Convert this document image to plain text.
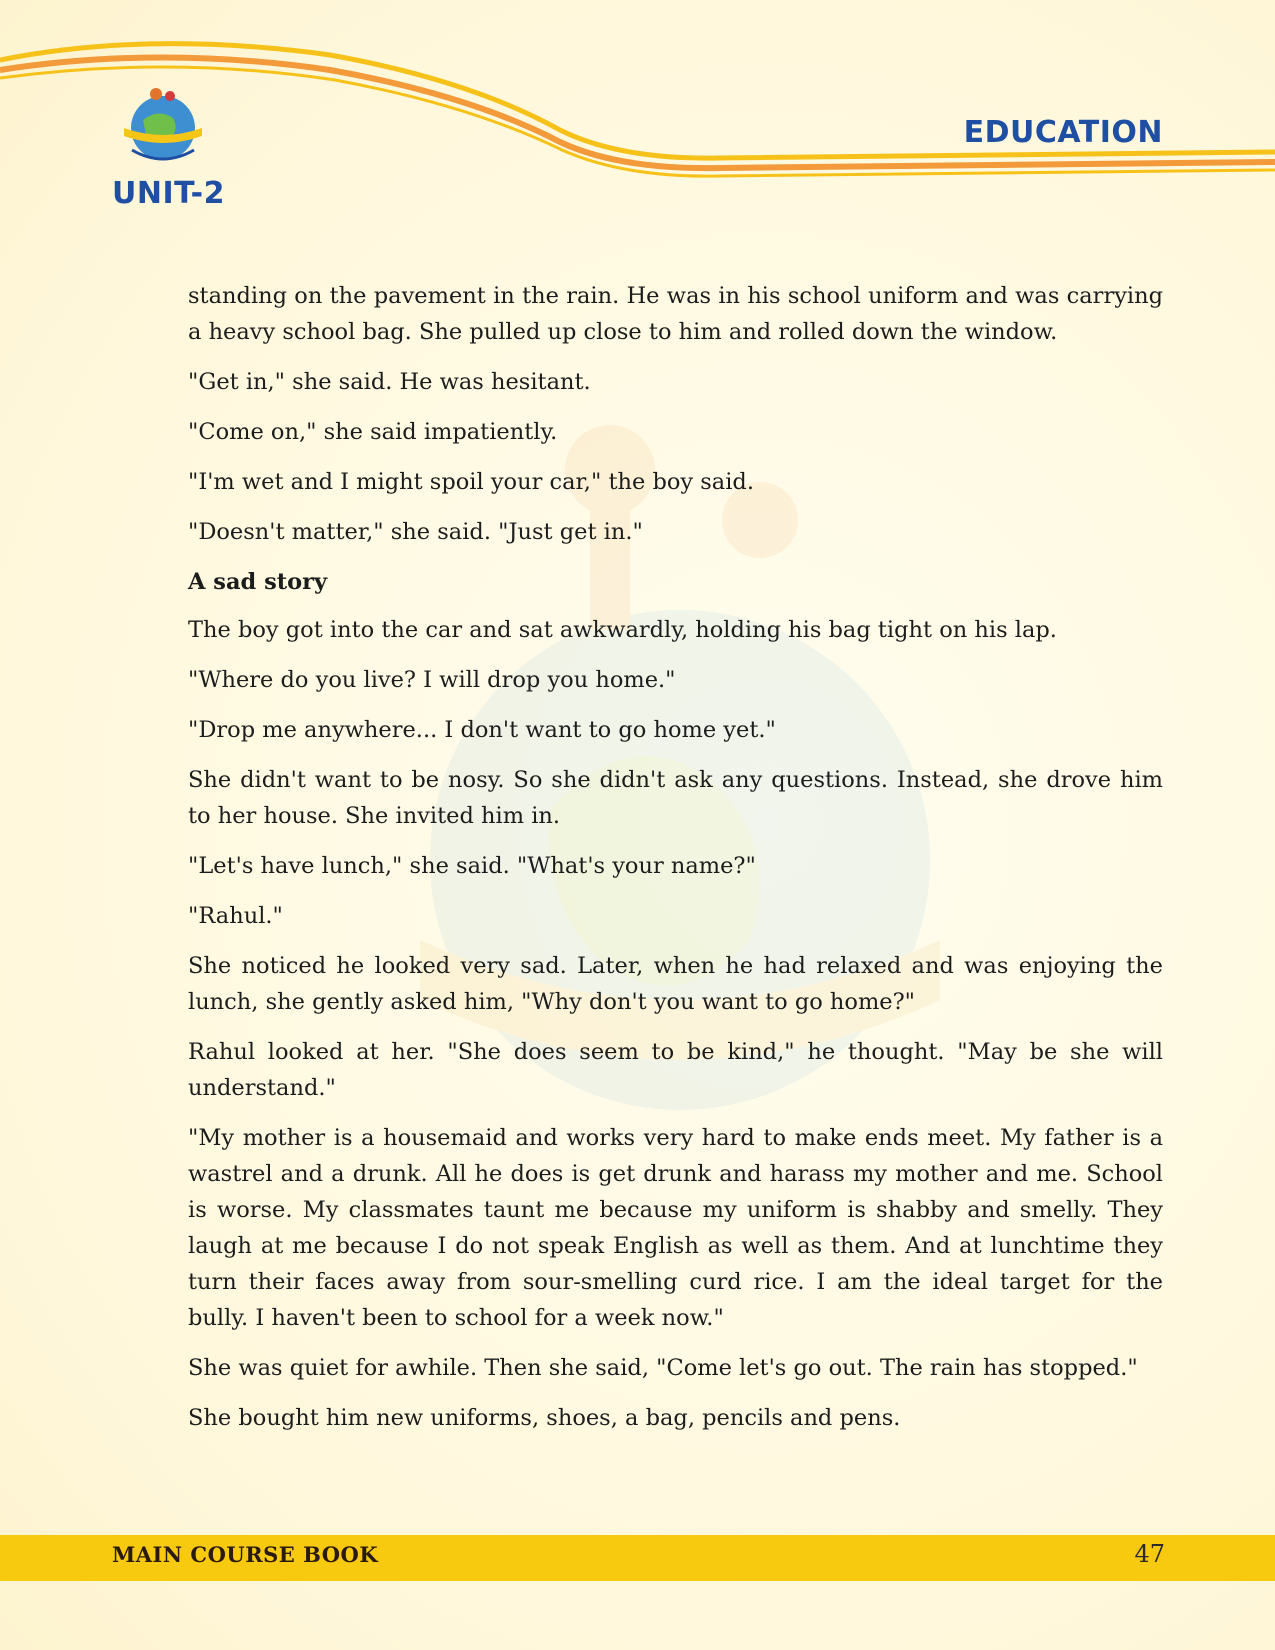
UNIT-2
EDUCATION

standing on the pavement in the rain. He was in his school uniform and was carrying a heavy school bag. She pulled up close to him and rolled down the window.

"Get in," she said. He was hesitant.

"Come on," she said impatiently.

"I'm wet and I might spoil your car," the boy said.

"Doesn't matter," she said. "Just get in."

A sad story

The boy got into the car and sat awkwardly, holding his bag tight on his lap.

"Where do you live? I will drop you home."

"Drop me anywhere... I don't want to go home yet."

She didn't want to be nosy. So she didn't ask any questions. Instead, she drove him to her house. She invited him in.

"Let's have lunch," she said. "What's your name?"

"Rahul."

She noticed he looked very sad. Later, when he had relaxed and was enjoying the lunch, she gently asked him, "Why don't you want to go home?"

Rahul looked at her. "She does seem to be kind," he thought. "May be she will understand."

"My mother is a housemaid and works very hard to make ends meet. My father is a wastrel and a drunk. All he does is get drunk and harass my mother and me. School is worse. My classmates taunt me because my uniform is shabby and smelly. They laugh at me because I do not speak English as well as them. And at lunchtime they turn their faces away from sour-smelling curd rice. I am the ideal target for the bully. I haven't been to school for a week now."

She was quiet for awhile. Then she said, "Come let's go out. The rain has stopped."

She bought him new uniforms, shoes, a bag, pencils and pens.

MAIN COURSE BOOK	47
